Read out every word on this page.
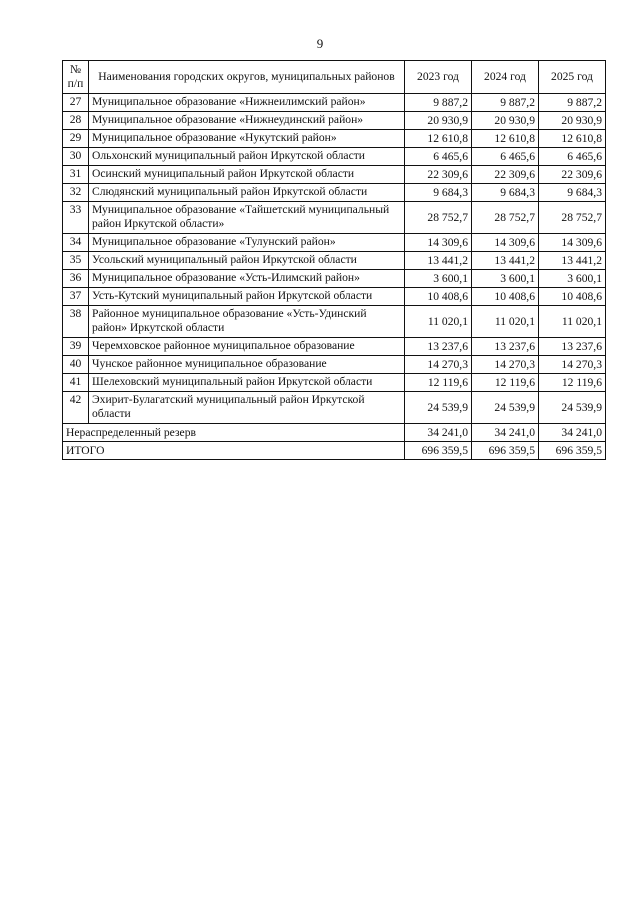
9
№ п/п	Наименования городских округов, муниципальных районов	2023 год	2024 год	2025 год
27	Муниципальное образование «Нижнеилимский район»	9 887,2	9 887,2	9 887,2
28	Муниципальное образование «Нижнеудинский район»	20 930,9	20 930,9	20 930,9
29	Муниципальное образование «Нукутский район»	12 610,8	12 610,8	12 610,8
30	Ольхонский муниципальный район Иркутской области	6 465,6	6 465,6	6 465,6
31	Осинский муниципальный район Иркутской области	22 309,6	22 309,6	22 309,6
32	Слюдянский муниципальный район Иркутской области	9 684,3	9 684,3	9 684,3
33	Муниципальное образование «Тайшетский муниципальный район Иркутской области»	28 752,7	28 752,7	28 752,7
34	Муниципальное образование «Тулунский район»	14 309,6	14 309,6	14 309,6
35	Усольский муниципальный район Иркутской области	13 441,2	13 441,2	13 441,2
36	Муниципальное образование «Усть-Илимский район»	3 600,1	3 600,1	3 600,1
37	Усть-Кутский муниципальный район Иркутской области	10 408,6	10 408,6	10 408,6
38	Районное муниципальное образование «Усть-Удинский район» Иркутской области	11 020,1	11 020,1	11 020,1
39	Черемховское районное муниципальное образование	13 237,6	13 237,6	13 237,6
40	Чунское районное муниципальное образование	14 270,3	14 270,3	14 270,3
41	Шелеховский муниципальный район Иркутской области	12 119,6	12 119,6	12 119,6
42	Эхирит-Булагатский муниципальный район Иркутской области	24 539,9	24 539,9	24 539,9
Нераспределенный резерв		34 241,0	34 241,0	34 241,0
ИТОГО		696 359,5	696 359,5	696 359,5
